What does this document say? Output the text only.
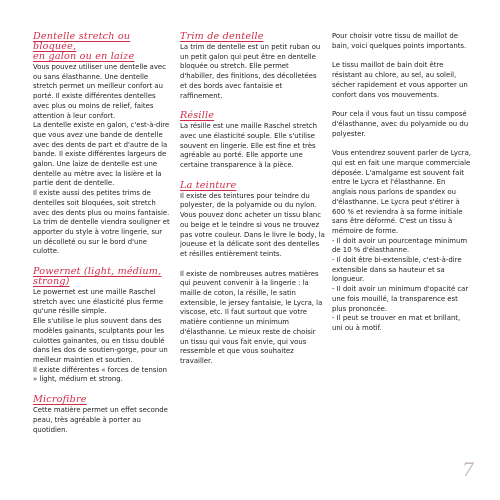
Dentelle stretch ou bloquée,
en galon ou en laize

Vous pouvez utiliser une dentelle avec ou sans élasthanne. Une dentelle stretch permet un meilleur confort au porté. Il existe différentes dentelles avec plus ou moins de relief, faites attention à leur confort.

La dentelle existe en galon, c'est-à-dire que vous avez une bande de dentelle avec des dents de part et d'autre de la bande. Il existe différentes largeurs de galon. Une laize de dentelle est une dentelle au mètre avec la lisière et la partie dent de dentelle.

Il existe aussi des petites trims de dentelles soit bloquées, soit stretch avec des dents plus ou moins fantaisie. La trim de dentelle viendra souligner et apporter du style à votre lingerie, sur un décolleté ou sur le bord d'une culotte.

Powernet (light, médium, strong)

Le powernet est une maille Raschel stretch avec une élasticité plus ferme qu'une résille simple.

Elle s'utilise le plus souvent dans des modèles gainants, sculptants pour les culottes gainantes, ou en tissu doublé dans les dos de soutien-gorge, pour un meilleur maintien et soutien.

Il existe différentes « forces de tension » light, médium et strong.

Microfibre

Cette matière permet un effet seconde peau, très agréable à porter au quotidien.

Trim de dentelle

La trim de dentelle est un petit ruban ou un petit galon qui peut être en dentelle bloquée ou stretch. Elle permet d'habiller, des finitions, des décolletées et des bords avec fantaisie et raffinement.

Résille

La résille est une maille Raschel stretch avec une élasticité souple. Elle s'utilise souvent en lingerie. Elle est fine et très agréable au porté. Elle apporte une certaine transparence à la pièce.

La teinture

Il existe des teintures pour teindre du polyester, de la polyamide ou du nylon. Vous pouvez donc acheter un tissu blanc ou beige et le teindre si vous ne trouvez pas votre couleur. Dans le livre le body, la joueuse et la délicate sont des dentelles et résilles entièrement teints.

Il existe de nombreuses autres matières qui peuvent convenir à la lingerie : la maille de coton, la résille, le satin extensible, le jersey fantaisie, le Lycra, la viscose, etc. Il faut surtout que votre matière contienne un minimum d'élasthanne. Le mieux reste de choisir un tissu qui vous fait envie, qui vous ressemble et que vous souhaitez travailler.

Pour choisir votre tissu de maillot de bain, voici quelques points importants.

Le tissu maillot de bain doit être résistant au chlore, au sel, au soleil, sécher rapidement et vous apporter un confort dans vos mouvements.

Pour cela il vous faut un tissu composé d'élasthanne, avec du polyamide ou du polyester.

Vous entendrez souvent parler de Lycra, qui est en fait une marque commerciale déposée. L'amalgame est souvent fait entre le Lycra et l'élasthanne. En anglais nous parlons de spandex ou d'élasthanne. Le Lycra peut s'étirer à 600 % et reviendra à sa forme initiale sans être déformé. C'est un tissu à mémoire de forme.

- Il doit avoir un pourcentage minimum de 10 % d'élasthanne.

- Il doit être bi-extensible, c'est-à-dire extensible dans sa hauteur et sa longueur.

- Il doit avoir un minimum d'opacité car une fois mouillé, la transparence est plus prononcée.

- Il peut se trouver en mat et brillant, uni ou à motif.

7
